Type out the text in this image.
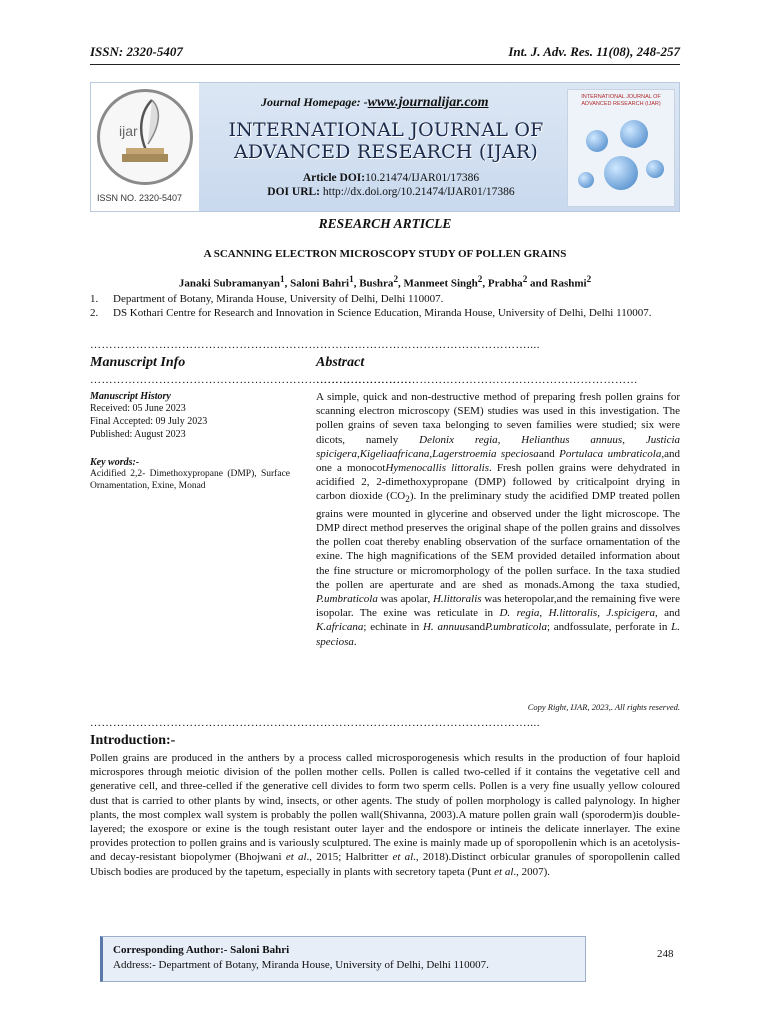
ISSN: 2320-5407	Int. J. Adv. Res. 11(08), 248-257
ijar
ISSN NO. 2320-5407
Journal Homepage: -www.journalijar.com
INTERNATIONAL JOURNAL OF ADVANCED RESEARCH (IJAR)
Article DOI:10.21474/IJAR01/17386
DOI URL: http://dx.doi.org/10.21474/IJAR01/17386
INTERNATIONAL JOURNAL OF ADVANCED RESEARCH (IJAR)
RESEARCH ARTICLE
A SCANNING ELECTRON MICROSCOPY STUDY OF POLLEN GRAINS
Janaki Subramanyan$^1$, Saloni Bahri$^1$, Bushra$^2$, Manmeet Singh$^2$, Prabha$^2$ and Rashmi$^2$
1. Department of Botany, Miranda House, University of Delhi, Delhi 110007.
2. DS Kothari Centre for Research and Innovation in Science Education, Miranda House, University of Delhi, Delhi 110007.
……………………………………………………………………………………………………....
Manuscript Info
…………………………………………………………………………
Manuscript History
Received: 05 June 2023
Final Accepted: 09 July 2023
Published: August 2023
Key words:-
Acidified 2,2- Dimethoxypropane (DMP), Surface Ornamentation, Exine, Monad
Abstract
…………………………………………………………………………
A simple, quick and non-destructive method of preparing fresh pollen grains for scanning electron microscopy (SEM) studies was used in this investigation. The pollen grains of seven taxa belonging to seven families were studied; six were dicots, namely Delonix regia, Helianthus annuus, Justicia spicigera,Kigeliaafricana,Lagerstroemia speciosaand Portulaca umbraticola,and one a monocotHymenocallis littoralis. Fresh pollen grains were dehydrated in acidified 2, 2-dimethoxypropane (DMP) followed by criticalpoint drying in carbon dioxide $(CO_2)$. In the preliminary study the acidified DMP treated pollen grains were mounted in glycerine and observed under the light microscope. The DMP direct method preserves the original shape of the pollen grains and dissolves the pollen coat thereby enabling observation of the surface ornamentation of the exine. The high magnifications of the SEM provided detailed information about the fine structure or micromorphology of the pollen surface. In the taxa studied the pollen are aperturate and are shed as monads.Among the taxa studied, P.umbraticola was apolar, H.littoralis was heteropolar,and the remaining five were isopolar. The exine was reticulate in D. regia, H.littoralis, J.spicigera, and K.africana; echinate in H. annuusandP.umbraticola; andfossulate, perforate in L. speciosa.
Copy Right, IJAR, 2023,. All rights reserved.
……………………………………………………………………………………………………....
Introduction:-
Pollen grains are produced in the anthers by a process called microsporogenesis which results in the production of four haploid microspores through meiotic division of the pollen mother cells. Pollen is called two-celled if it contains the vegetative cell and generative cell, and three-celled if the generative cell divides to form two sperm cells. Pollen is a very fine usually yellow coloured dust that is carried to other plants by wind, insects, or other agents. The study of pollen morphology is called palynology. In higher plants, the most complex wall system is probably the pollen wall(Shivanna, 2003).A mature pollen grain wall (sporoderm)is double-layered; the exospore or exine is the tough resistant outer layer and the endospore or intineis the delicate innerlayer. The exine provides protection to pollen grains and is variously sculptured. The exine is mainly made up of sporopollenin which is an acetolysis- and decay-resistant biopolymer (Bhojwani et al., 2015; Halbritter et al., 2018).Distinct orbicular granules of sporopollenin called Ubisch bodies are produced by the tapetum, especially in plants with secretory tapeta (Punt et al., 2007).
Corresponding Author:- Saloni Bahri
Address:- Department of Botany, Miranda House, University of Delhi, Delhi 110007.
248
